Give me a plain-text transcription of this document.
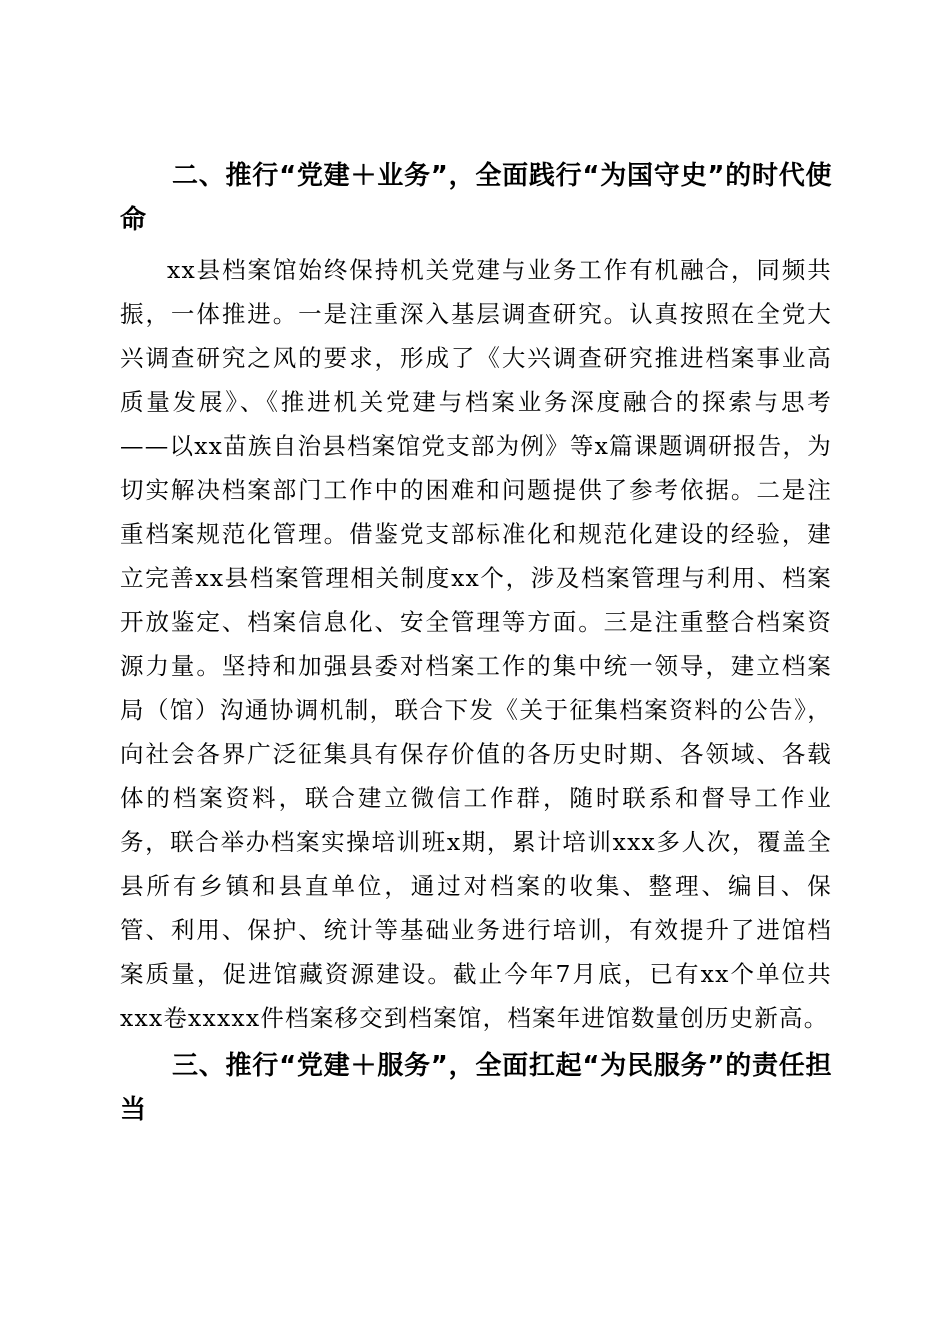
二、推行“党建＋业务”，全面践行“为国守史”的时代使命

xx县档案馆始终保持机关党建与业务工作有机融合，同频共振，一体推进。一是注重深入基层调查研究。认真按照在全党大兴调查研究之风的要求，形成了《大兴调查研究推进档案事业高质量发展》、《推进机关党建与档案业务深度融合的探索与思考——以xx苗族自治县档案馆党支部为例》等x篇课题调研报告，为切实解决档案部门工作中的困难和问题提供了参考依据。二是注重档案规范化管理。借鉴党支部标准化和规范化建设的经验，建立完善xx县档案管理相关制度xx个，涉及档案管理与利用、档案开放鉴定、档案信息化、安全管理等方面。三是注重整合档案资源力量。坚持和加强县委对档案工作的集中统一领导，建立档案局（馆）沟通协调机制，联合下发《关于征集档案资料的公告》，向社会各界广泛征集具有保存价值的各历史时期、各领域、各载体的档案资料，联合建立微信工作群，随时联系和督导工作业务，联合举办档案实操培训班x期，累计培训xxx多人次，覆盖全县所有乡镇和县直单位，通过对档案的收集、整理、编目、保管、利用、保护、统计等基础业务进行培训，有效提升了进馆档案质量，促进馆藏资源建设。截止今年7月底，已有xx个单位共xxx卷xxxxx件档案移交到档案馆，档案年进馆数量创历史新高。

三、推行“党建＋服务”，全面扛起“为民服务”的责任担当
